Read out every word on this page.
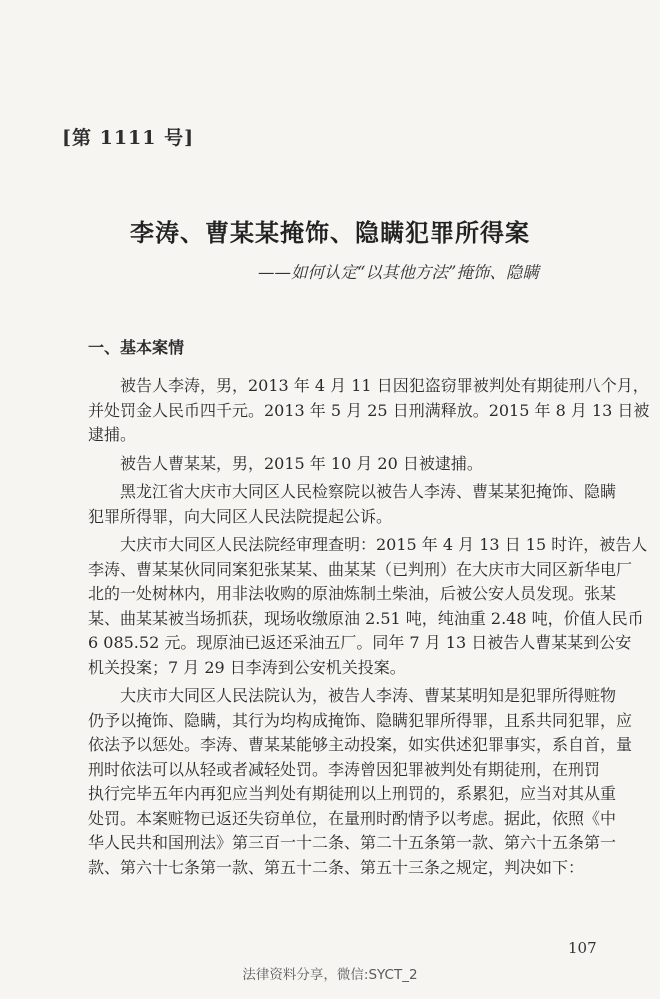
[第 1111 号]
李涛、曹某某掩饰、隐瞒犯罪所得案
——如何认定“以其他方法”掩饰、隐瞒
一、基本案情

被告人李涛，男，2013 年 4 月 11 日因犯盗窃罪被判处有期徒刑八个月，
并处罚金人民币四千元。2013 年 5 月 25 日刑满释放。2015 年 8 月 13 日被
逮捕。

被告人曹某某，男，2015 年 10 月 20 日被逮捕。

黑龙江省大庆市大同区人民检察院以被告人李涛、曹某某犯掩饰、隐瞒
犯罪所得罪，向大同区人民法院提起公诉。

大庆市大同区人民法院经审理查明：2015 年 4 月 13 日 15 时许，被告人
李涛、曹某某伙同同案犯张某某、曲某某（已判刑）在大庆市大同区新华电厂
北的一处树林内，用非法收购的原油炼制土柴油，后被公安人员发现。张某
某、曲某某被当场抓获，现场收缴原油 2.51 吨，纯油重 2.48 吨，价值人民币
6 085.52 元。现原油已返还采油五厂。同年 7 月 13 日被告人曹某某到公安
机关投案；7 月 29 日李涛到公安机关投案。

大庆市大同区人民法院认为，被告人李涛、曹某某明知是犯罪所得赃物
仍予以掩饰、隐瞒，其行为均构成掩饰、隐瞒犯罪所得罪，且系共同犯罪，应
依法予以惩处。李涛、曹某某能够主动投案，如实供述犯罪事实，系自首，量
刑时依法可以从轻或者减轻处罚。李涛曾因犯罪被判处有期徒刑，在刑罚
执行完毕五年内再犯应当判处有期徒刑以上刑罚的，系累犯，应当对其从重
处罚。本案赃物已返还失窃单位，在量刑时酌情予以考虑。据此，依照《中
华人民共和国刑法》第三百一十二条、第二十五条第一款、第六十五条第一
款、第六十七条第一款、第五十二条、第五十三条之规定，判决如下：

107
法律资料分享，微信:SYCT_2
